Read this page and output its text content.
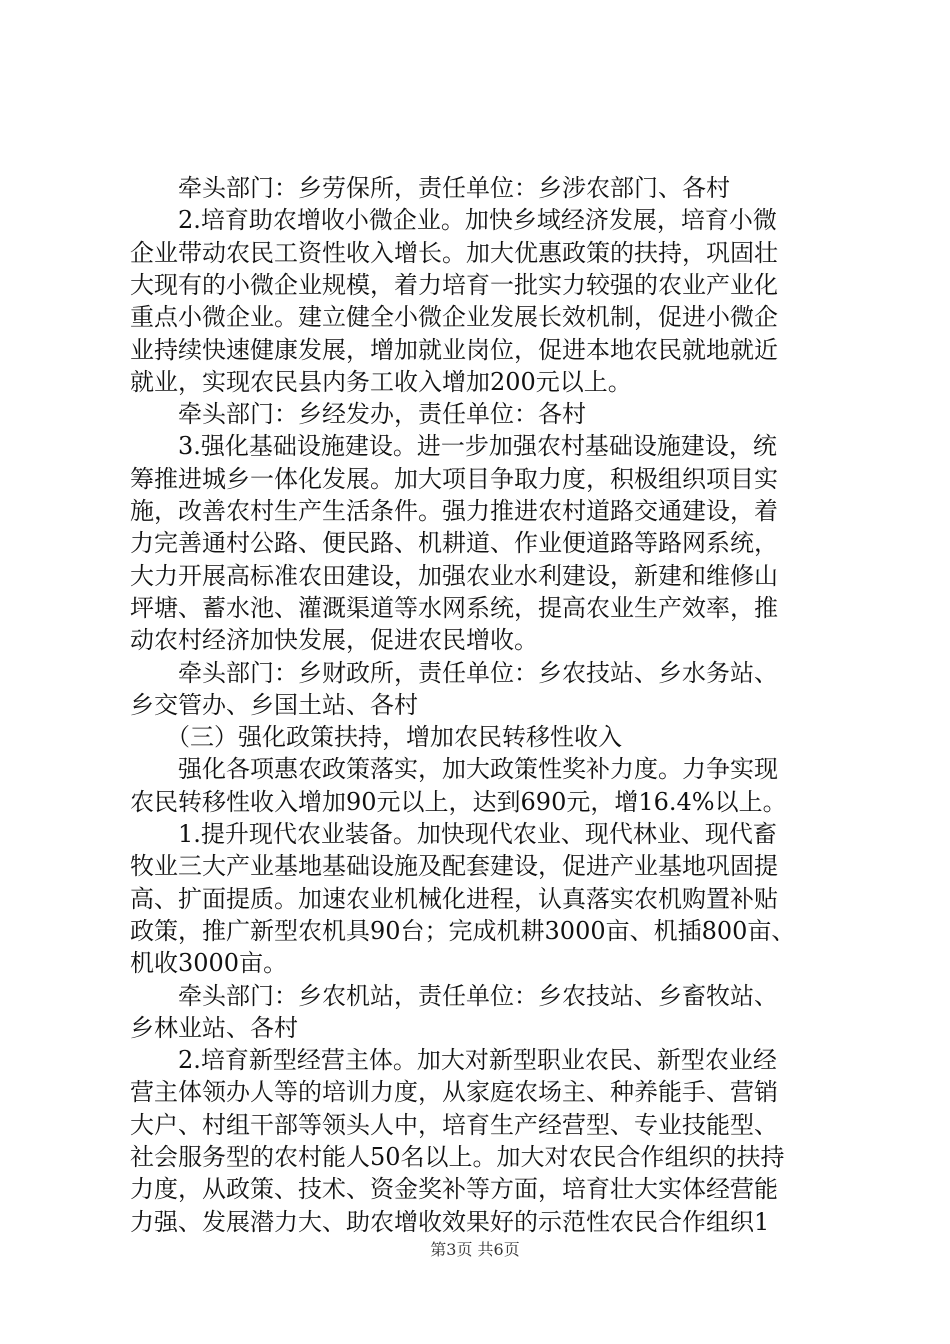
　　牵头部门：乡劳保所，责任单位：乡涉农部门、各村
　　2.培育助农增收小微企业。加快乡域经济发展，培育小微
企业带动农民工资性收入增长。加大优惠政策的扶持，巩固壮
大现有的小微企业规模，着力培育一批实力较强的农业产业化
重点小微企业。建立健全小微企业发展长效机制，促进小微企
业持续快速健康发展，增加就业岗位，促进本地农民就地就近
就业，实现农民县内务工收入增加200元以上。
　　牵头部门：乡经发办，责任单位：各村
　　3.强化基础设施建设。进一步加强农村基础设施建设，统
筹推进城乡一体化发展。加大项目争取力度，积极组织项目实
施，改善农村生产生活条件。强力推进农村道路交通建设，着
力完善通村公路、便民路、机耕道、作业便道路等路网系统，
大力开展高标准农田建设，加强农业水利建设，新建和维修山
坪塘、蓄水池、灌溉渠道等水网系统，提高农业生产效率，推
动农村经济加快发展，促进农民增收。
　　牵头部门：乡财政所，责任单位：乡农技站、乡水务站、
乡交管办、乡国土站、各村
　　（三）强化政策扶持，增加农民转移性收入
　　强化各项惠农政策落实，加大政策性奖补力度。力争实现
农民转移性收入增加90元以上，达到690元，增16.4%以上。
　　1.提升现代农业装备。加快现代农业、现代林业、现代畜
牧业三大产业基地基础设施及配套建设，促进产业基地巩固提
高、扩面提质。加速农业机械化进程，认真落实农机购置补贴
政策，推广新型农机具90台；完成机耕3000亩、机插800亩、
机收3000亩。
　　牵头部门：乡农机站，责任单位：乡农技站、乡畜牧站、
乡林业站、各村
　　2.培育新型经营主体。加大对新型职业农民、新型农业经
营主体领办人等的培训力度，从家庭农场主、种养能手、营销
大户、村组干部等领头人中，培育生产经营型、专业技能型、
社会服务型的农村能人50名以上。加大对农民合作组织的扶持
力度，从政策、技术、资金奖补等方面，培育壮大实体经营能
力强、发展潜力大、助农增收效果好的示范性农民合作组织1
第3页 共6页
